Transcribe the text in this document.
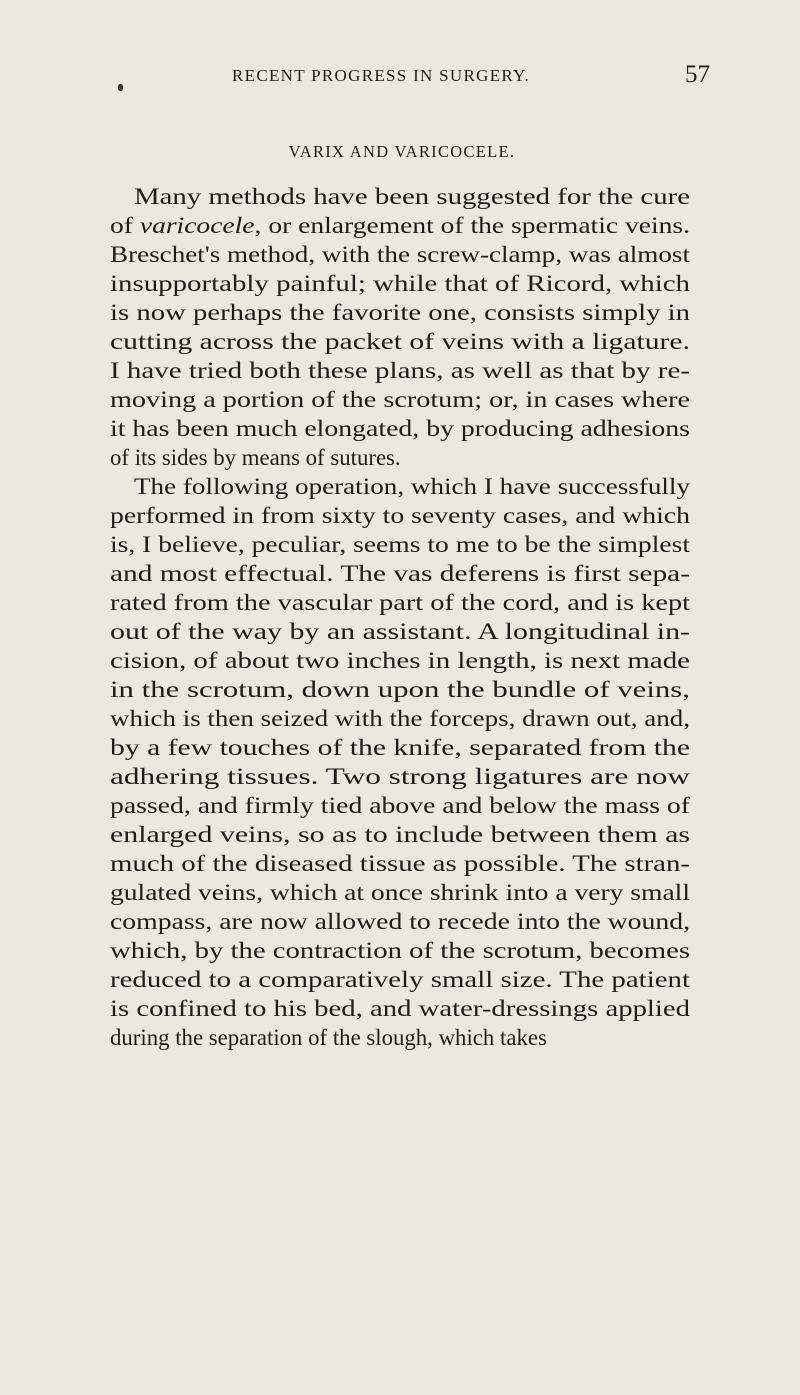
RECENT PROGRESS IN SURGERY.	57
VARIX AND VARICOCELE.
Many methods have been suggested for the cure
of varicocele, or enlargement of the spermatic veins.
Breschet's method, with the screw-clamp, was almost
insupportably painful; while that of Ricord, which
is now perhaps the favorite one, consists simply in
cutting across the packet of veins with a ligature.
I have tried both these plans, as well as that by re-
moving a portion of the scrotum; or, in cases where
it has been much elongated, by producing adhesions
of its sides by means of sutures.
The following operation, which I have successfully
performed in from sixty to seventy cases, and which
is, I believe, peculiar, seems to me to be the simplest
and most effectual. The vas deferens is first sepa-
rated from the vascular part of the cord, and is kept
out of the way by an assistant. A longitudinal in-
cision, of about two inches in length, is next made
in the scrotum, down upon the bundle of veins,
which is then seized with the forceps, drawn out, and,
by a few touches of the knife, separated from the
adhering tissues. Two strong ligatures are now
passed, and firmly tied above and below the mass of
enlarged veins, so as to include between them as
much of the diseased tissue as possible. The stran-
gulated veins, which at once shrink into a very small
compass, are now allowed to recede into the wound,
which, by the contraction of the scrotum, becomes
reduced to a comparatively small size. The patient
is confined to his bed, and water-dressings applied
during the separation of the slough, which takes
